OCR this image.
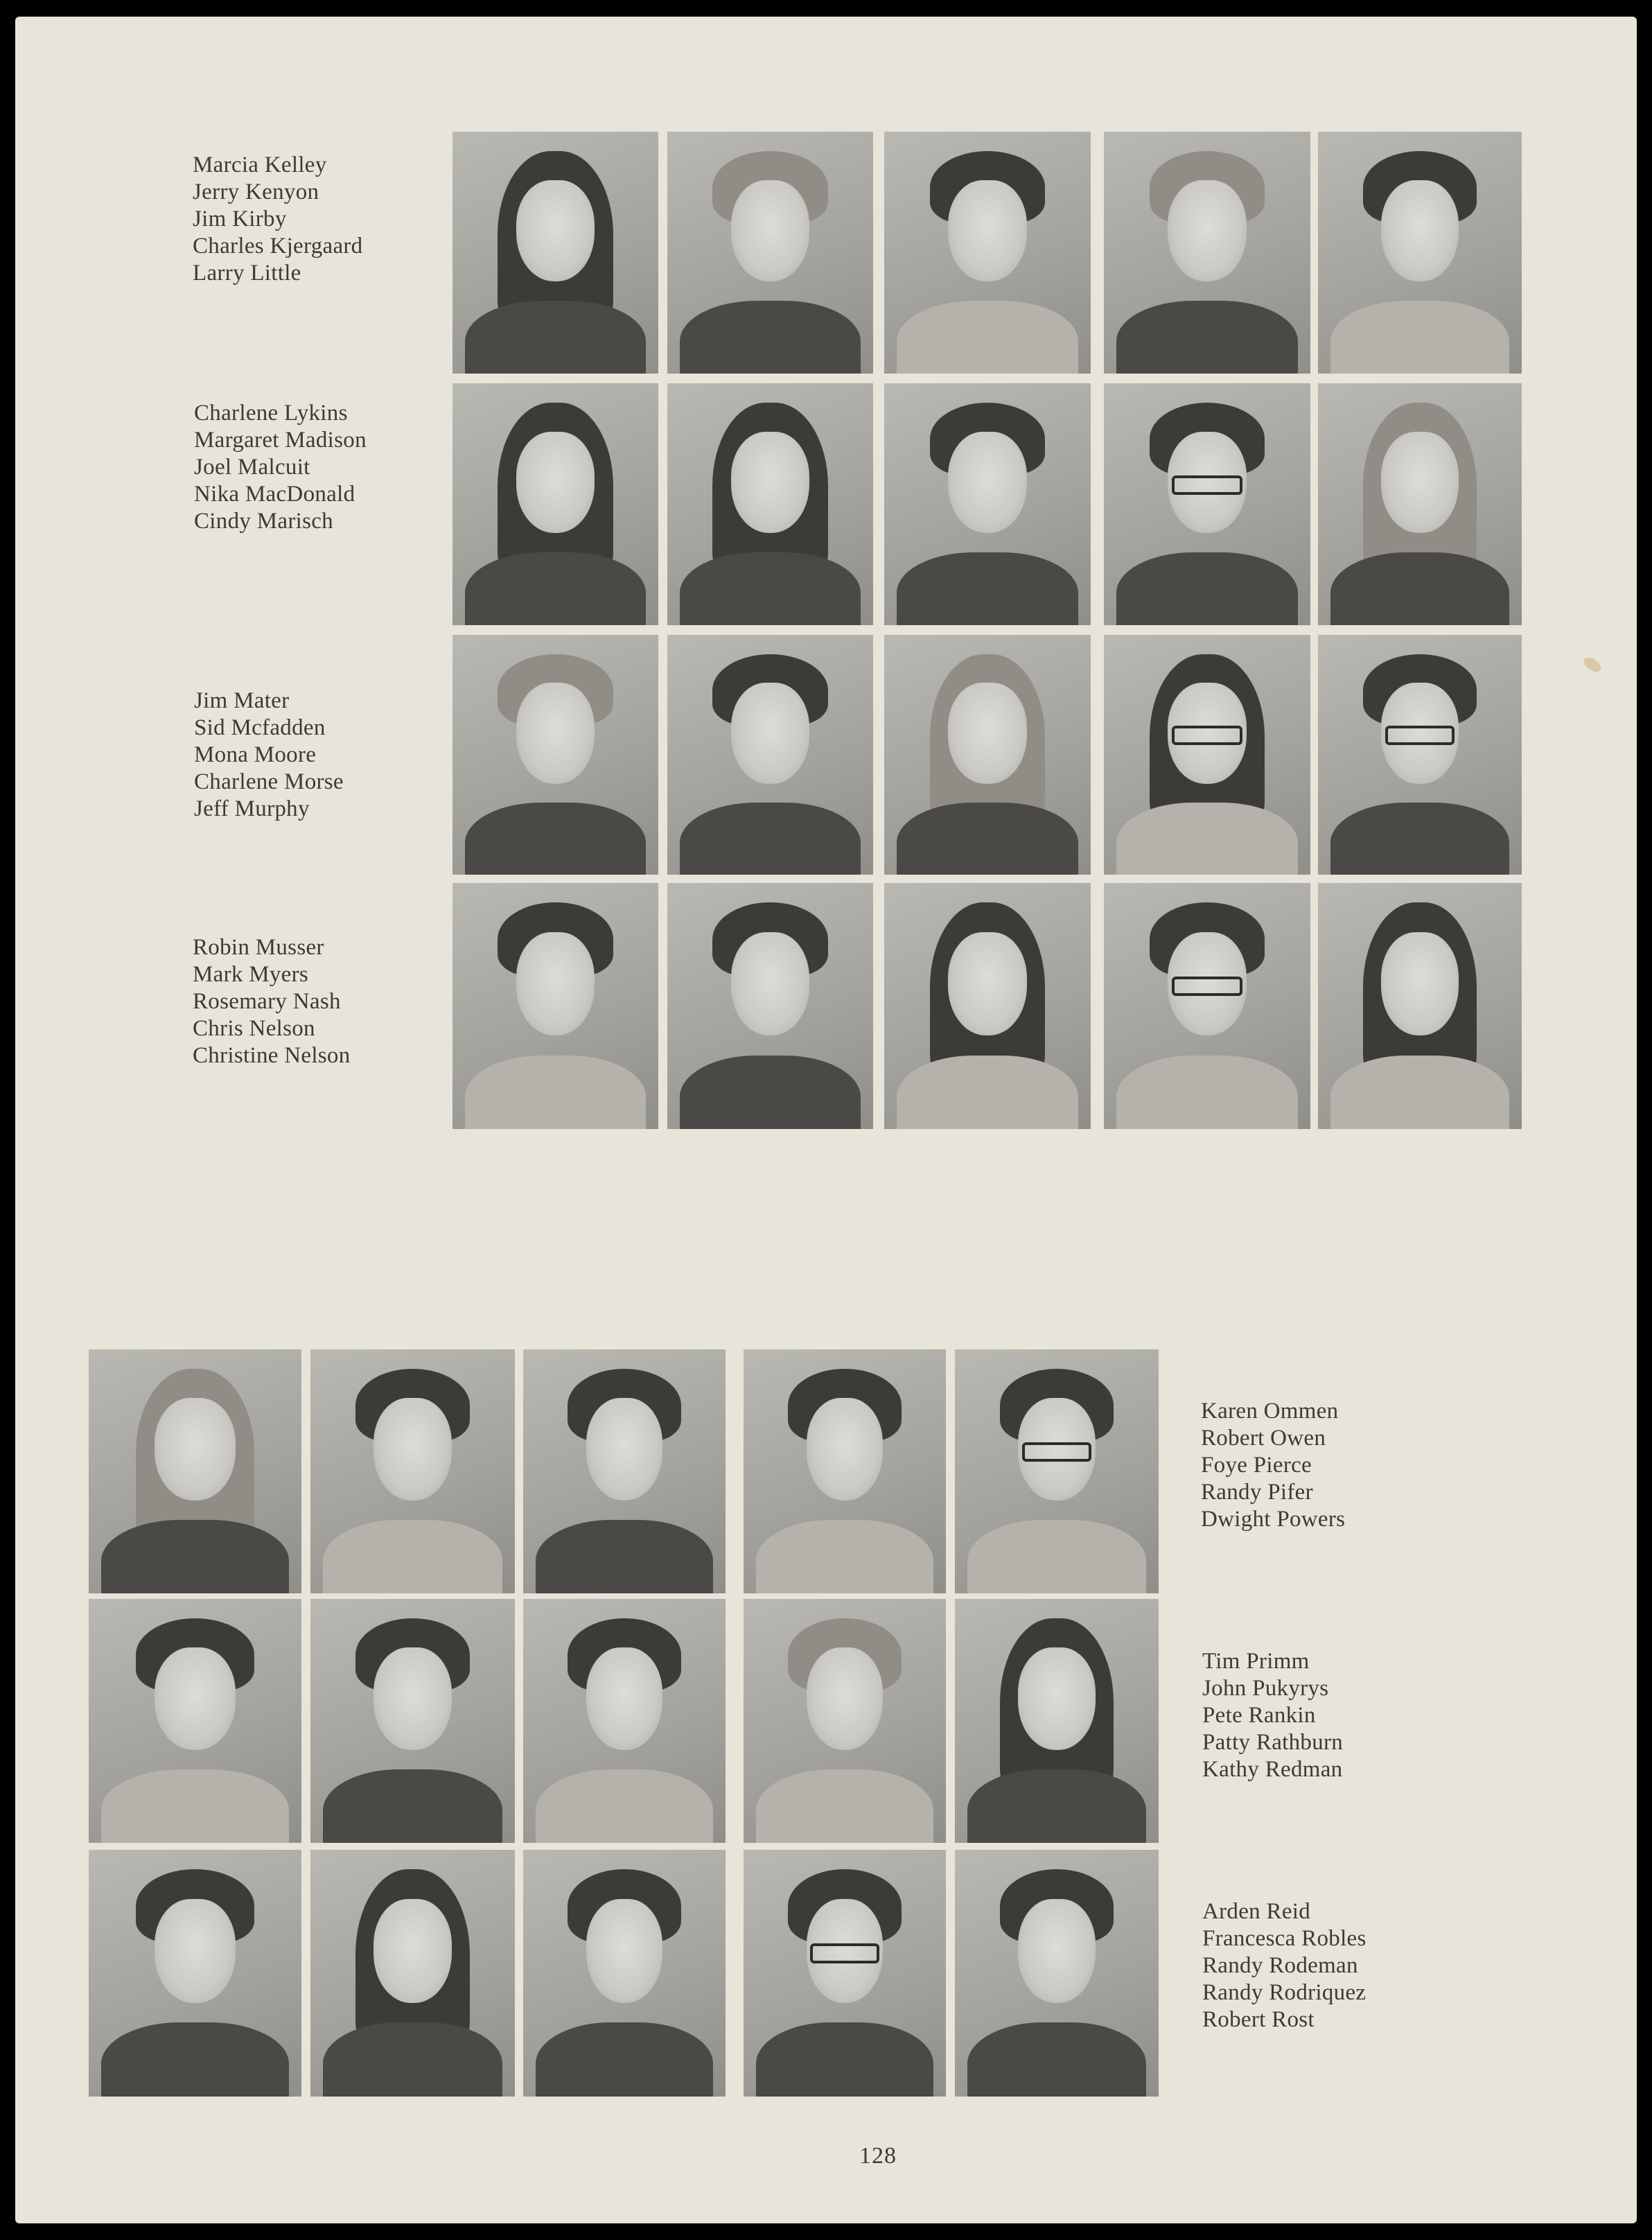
Marcia Kelley
Jerry Kenyon
Jim Kirby
Charles Kjergaard
Larry Little
Charlene Lykins
Margaret Madison
Joel Malcuit
Nika MacDonald
Cindy Marisch
Jim Mater
Sid Mcfadden
Mona Moore
Charlene Morse
Jeff Murphy
Robin Musser
Mark Myers
Rosemary Nash
Chris Nelson
Christine Nelson
Karen Ommen
Robert Owen
Foye Pierce
Randy Pifer
Dwight Powers
Tim Primm
John Pukyrys
Pete Rankin
Patty Rathburn
Kathy Redman
Arden Reid
Francesca Robles
Randy Rodeman
Randy Rodriquez
Robert Rost
128
